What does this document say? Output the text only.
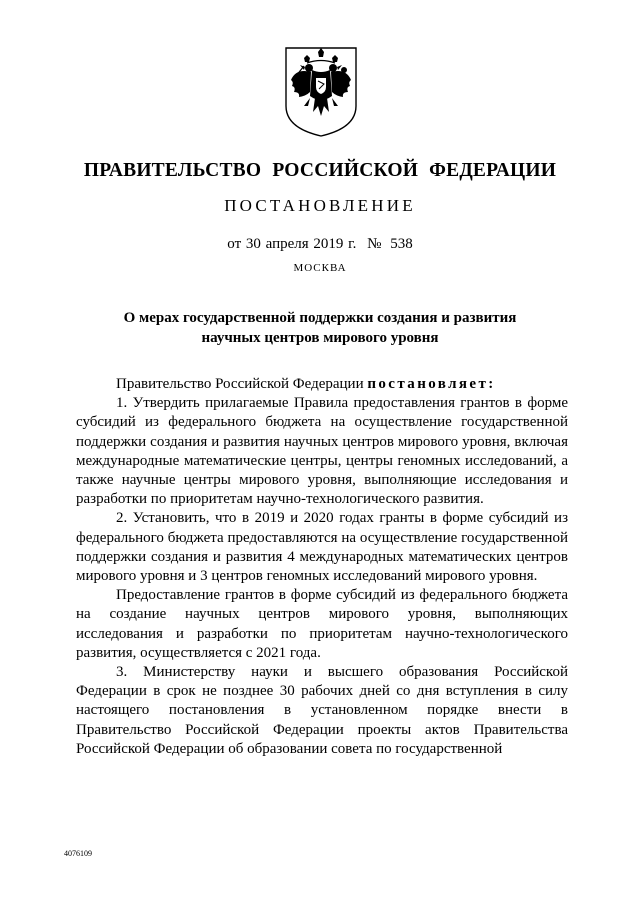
ПРАВИТЕЛЬСТВО РОССИЙСКОЙ ФЕДЕРАЦИИ
ПОСТАНОВЛЕНИЕ
от 30 апреля 2019 г. № 538
МОСКВА
О мерах государственной поддержки создания и развития
научных центров мирового уровня

Правительство Российской Федерации постановляет:

1. Утвердить прилагаемые Правила предоставления грантов в форме субсидий из федерального бюджета на осуществление государственной поддержки создания и развития научных центров мирового уровня, включая международные математические центры, центры геномных исследований, а также научные центры мирового уровня, выполняющие исследования и разработки по приоритетам научно-технологического развития.

2. Установить, что в 2019 и 2020 годах гранты в форме субсидий из федерального бюджета предоставляются на осуществление государственной поддержки создания и развития 4 международных математических центров мирового уровня и 3 центров геномных исследований мирового уровня.

Предоставление грантов в форме субсидий из федерального бюджета на создание научных центров мирового уровня, выполняющих исследования и разработки по приоритетам научно-технологического развития, осуществляется с 2021 года.

3. Министерству науки и высшего образования Российской Федерации в срок не позднее 30 рабочих дней со дня вступления в силу настоящего постановления в установленном порядке внести в Правительство Российской Федерации проекты актов Правительства Российской Федерации об образовании совета по государственной

4076109
